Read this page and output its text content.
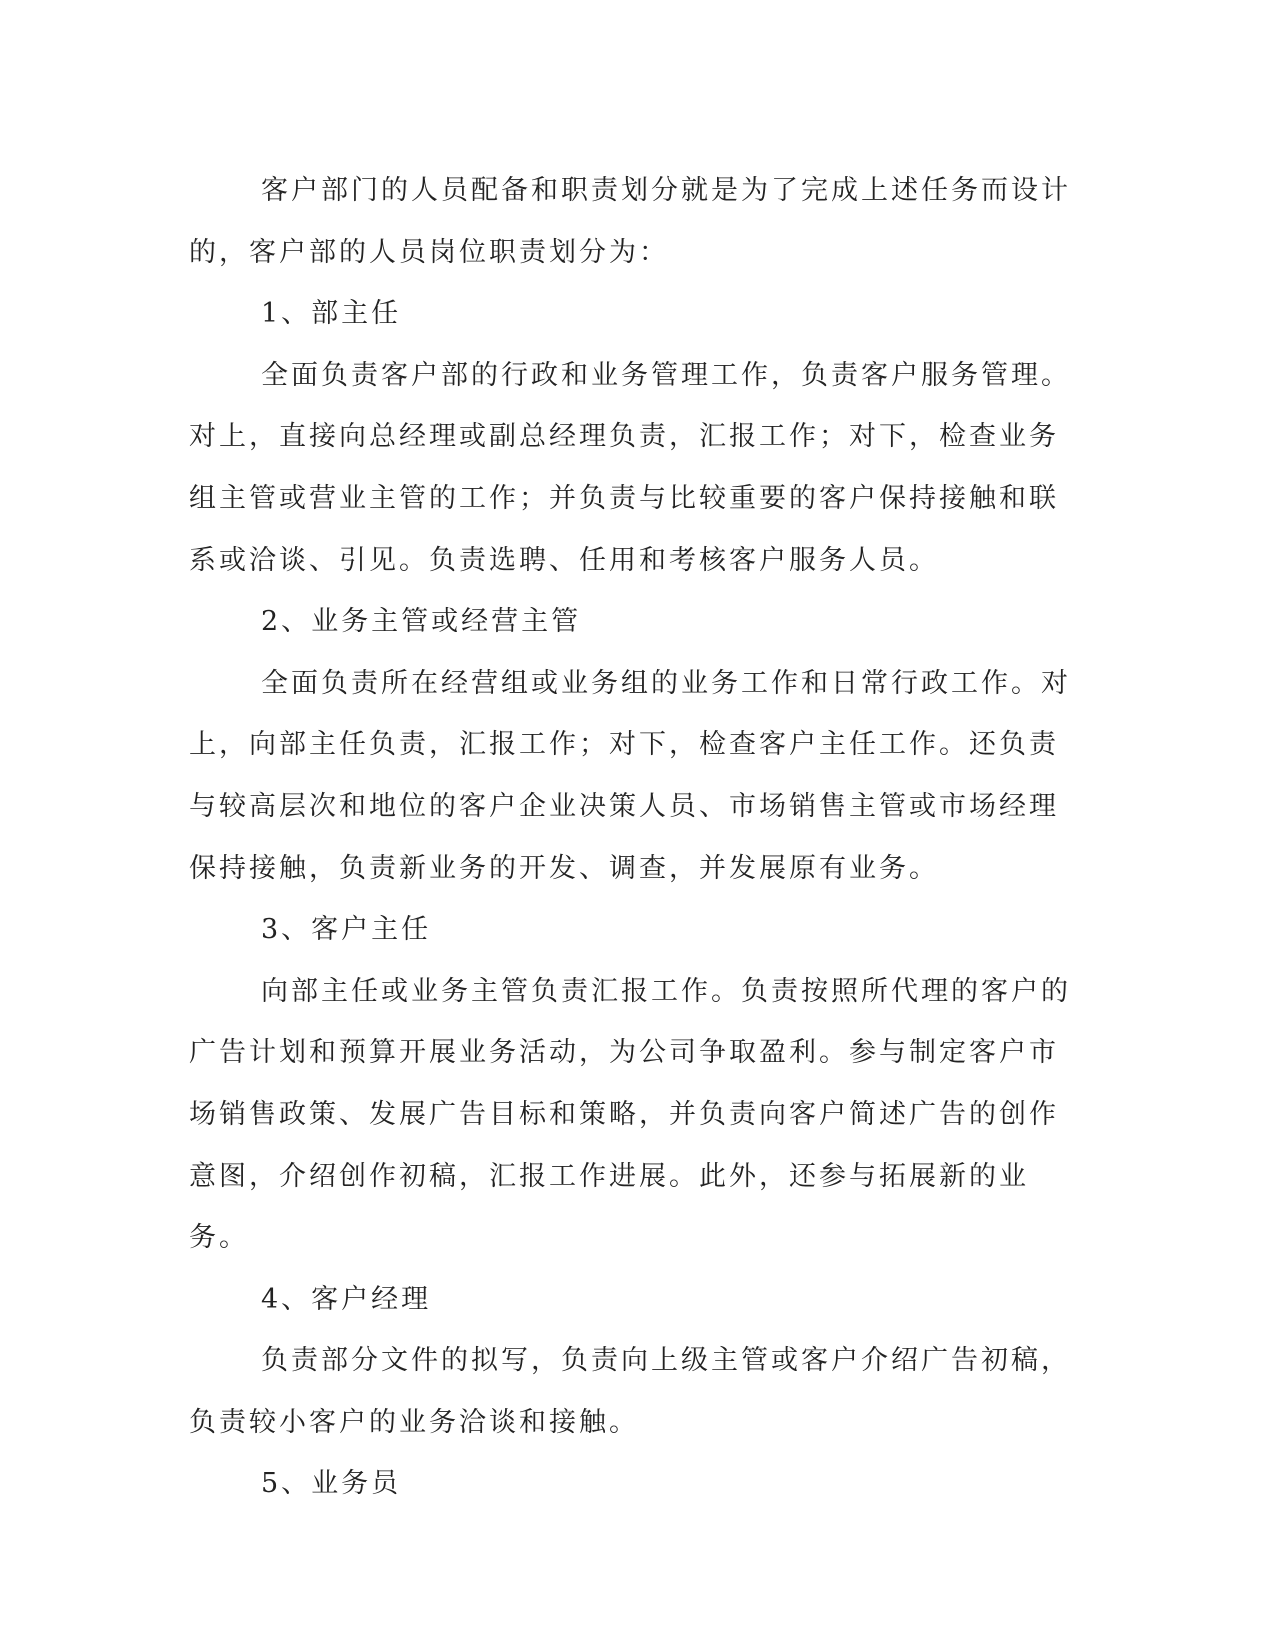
客户部门的人员配备和职责划分就是为了完成上述任务而设计的，客户部的人员岗位职责划分为：

1、部主任

全面负责客户部的行政和业务管理工作，负责客户服务管理。对上，直接向总经理或副总经理负责，汇报工作；对下，检查业务组主管或营业主管的工作；并负责与比较重要的客户保持接触和联系或洽谈、引见。负责选聘、任用和考核客户服务人员。

2、业务主管或经营主管

全面负责所在经营组或业务组的业务工作和日常行政工作。对上，向部主任负责，汇报工作；对下，检查客户主任工作。还负责与较高层次和地位的客户企业决策人员、市场销售主管或市场经理保持接触，负责新业务的开发、调查，并发展原有业务。

3、客户主任

向部主任或业务主管负责汇报工作。负责按照所代理的客户的广告计划和预算开展业务活动，为公司争取盈利。参与制定客户市场销售政策、发展广告目标和策略，并负责向客户简述广告的创作意图，介绍创作初稿，汇报工作进展。此外，还参与拓展新的业务。

4、客户经理

负责部分文件的拟写，负责向上级主管或客户介绍广告初稿，负责较小客户的业务洽谈和接触。

5、业务员
